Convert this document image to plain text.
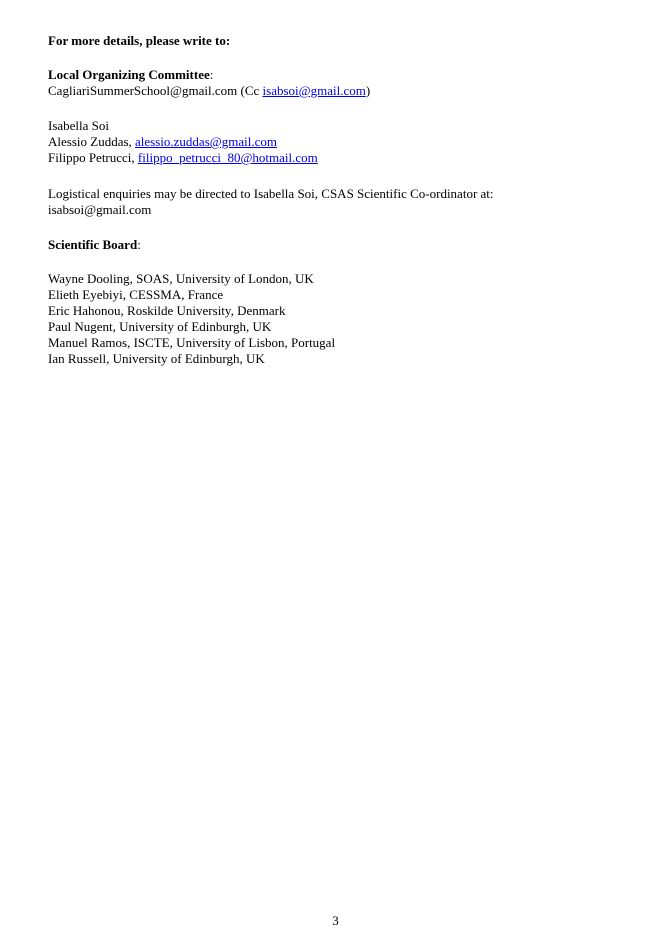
For more details, please write to:
Local Organizing Committee:
CagliariSummerSchool@gmail.com (Cc isabsoi@gmail.com)
Isabella Soi
Alessio Zuddas, alessio.zuddas@gmail.com
Filippo Petrucci, filippo_petrucci_80@hotmail.com
Logistical enquiries may be directed to Isabella Soi, CSAS Scientific Co-ordinator at:
isabsoi@gmail.com
Scientific Board:
Wayne Dooling, SOAS, University of London, UK
Elieth Eyebiyi, CESSMA, France
Eric Hahonou, Roskilde University, Denmark
Paul Nugent, University of Edinburgh, UK
Manuel Ramos, ISCTE, University of Lisbon, Portugal
Ian Russell, University of Edinburgh, UK
3
